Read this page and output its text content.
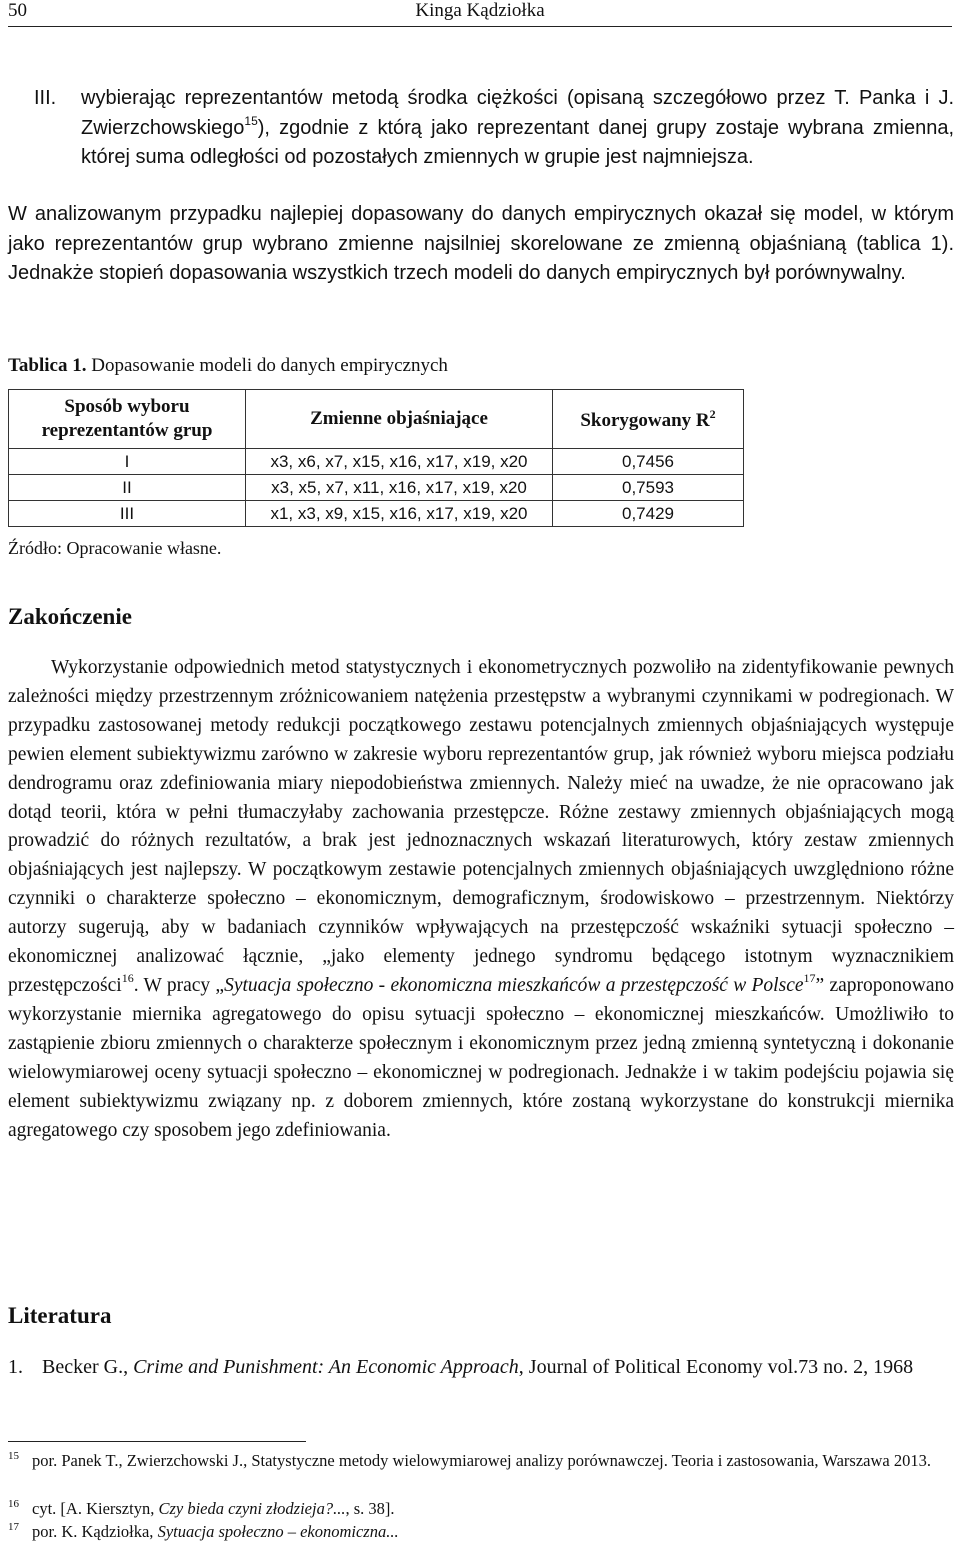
50	Kinga Kądziołka
III.	wybierając reprezentantów metodą środka ciężkości (opisaną szczegółowo przez T. Panka i J. Zwierzchowskiego$^{15}$), zgodnie z którą jako reprezentant danej grupy zostaje wybrana zmienna, której suma odległości od pozostałych zmiennych w grupie jest najmniejsza.
W analizowanym przypadku najlepiej dopasowany do danych empirycznych okazał się model, w którym jako reprezentantów grup wybrano zmienne najsilniej skorelowane ze zmienną objaśnianą (tablica 1). Jednakże stopień dopasowania wszystkich trzech modeli do danych empirycznych był porównywalny.
Tablica 1. Dopasowanie modeli do danych empirycznych
Sposób wyboru reprezentantów grup	Zmienne objaśniające	Skorygowany $R^2$
I	x3, x6, x7, x15, x16, x17, x19, x20	0,7456
II	x3, x5, x7, x11, x16, x17, x19, x20	0,7593
III	x1, x3, x9, x15, x16, x17, x19, x20	0,7429
Źródło: Opracowanie własne.
Zakończenie
Wykorzystanie odpowiednich metod statystycznych i ekonometrycznych pozwoliło na zidentyfikowanie pewnych zależności między przestrzennym zróżnicowaniem natężenia przestępstw a wybranymi czynnikami w podregionach. W przypadku zastosowanej metody redukcji początkowego zestawu potencjalnych zmiennych objaśniających występuje pewien element subiektywizmu zarówno w zakresie wyboru reprezentantów grup, jak również wyboru miejsca podziału dendrogramu oraz zdefiniowania miary niepodobieństwa zmiennych. Należy mieć na uwadze, że nie opracowano jak dotąd teorii, która w pełni tłumaczyłaby zachowania przestępcze. Różne zestawy zmiennych objaśniających mogą prowadzić do różnych rezultatów, a brak jest jednoznacznych wskazań literaturowych, który zestaw zmiennych objaśniających jest najlepszy. W początkowym zestawie potencjalnych zmiennych objaśniających uwzględniono różne czynniki o charakterze społeczno – ekonomicznym, demograficznym, środowiskowo – przestrzennym. Niektórzy autorzy sugerują, aby w badaniach czynników wpływających na przestępczość wskaźniki sytuacji społeczno – ekonomicznej analizować łącznie, „jako elementy jednego syndromu będącego istotnym wyznacznikiem przestępczości$^{16}$. W pracy „Sytuacja społeczno - ekonomiczna mieszkańców a przestępczość w Polsce$^{17}$” zaproponowano wykorzystanie miernika agregatowego do opisu sytuacji społeczno – ekonomicznej mieszkańców. Umożliwiło to zastąpienie zbioru zmiennych o charakterze społecznym i ekonomicznym przez jedną zmienną syntetyczną i dokonanie wielowymiarowej oceny sytuacji społeczno – ekonomicznej w podregionach. Jednakże i w takim podejściu pojawia się element subiektywizmu związany np. z doborem zmiennych, które zostaną wykorzystane do konstrukcji miernika agregatowego czy sposobem jego zdefiniowania.
Literatura
1. Becker G., Crime and Punishment: An Economic Approach, Journal of Political Economy vol.73 no. 2, 1968
15 por. Panek T., Zwierzchowski J., Statystyczne metody wielowymiarowej analizy porównawczej. Teoria i zastosowania, Warszawa 2013.
16 cyt. [A. Kiersztyn, Czy bieda czyni złodzieja?..., s. 38].
17 por. K. Kądziołka, Sytuacja społeczno – ekonomiczna...
